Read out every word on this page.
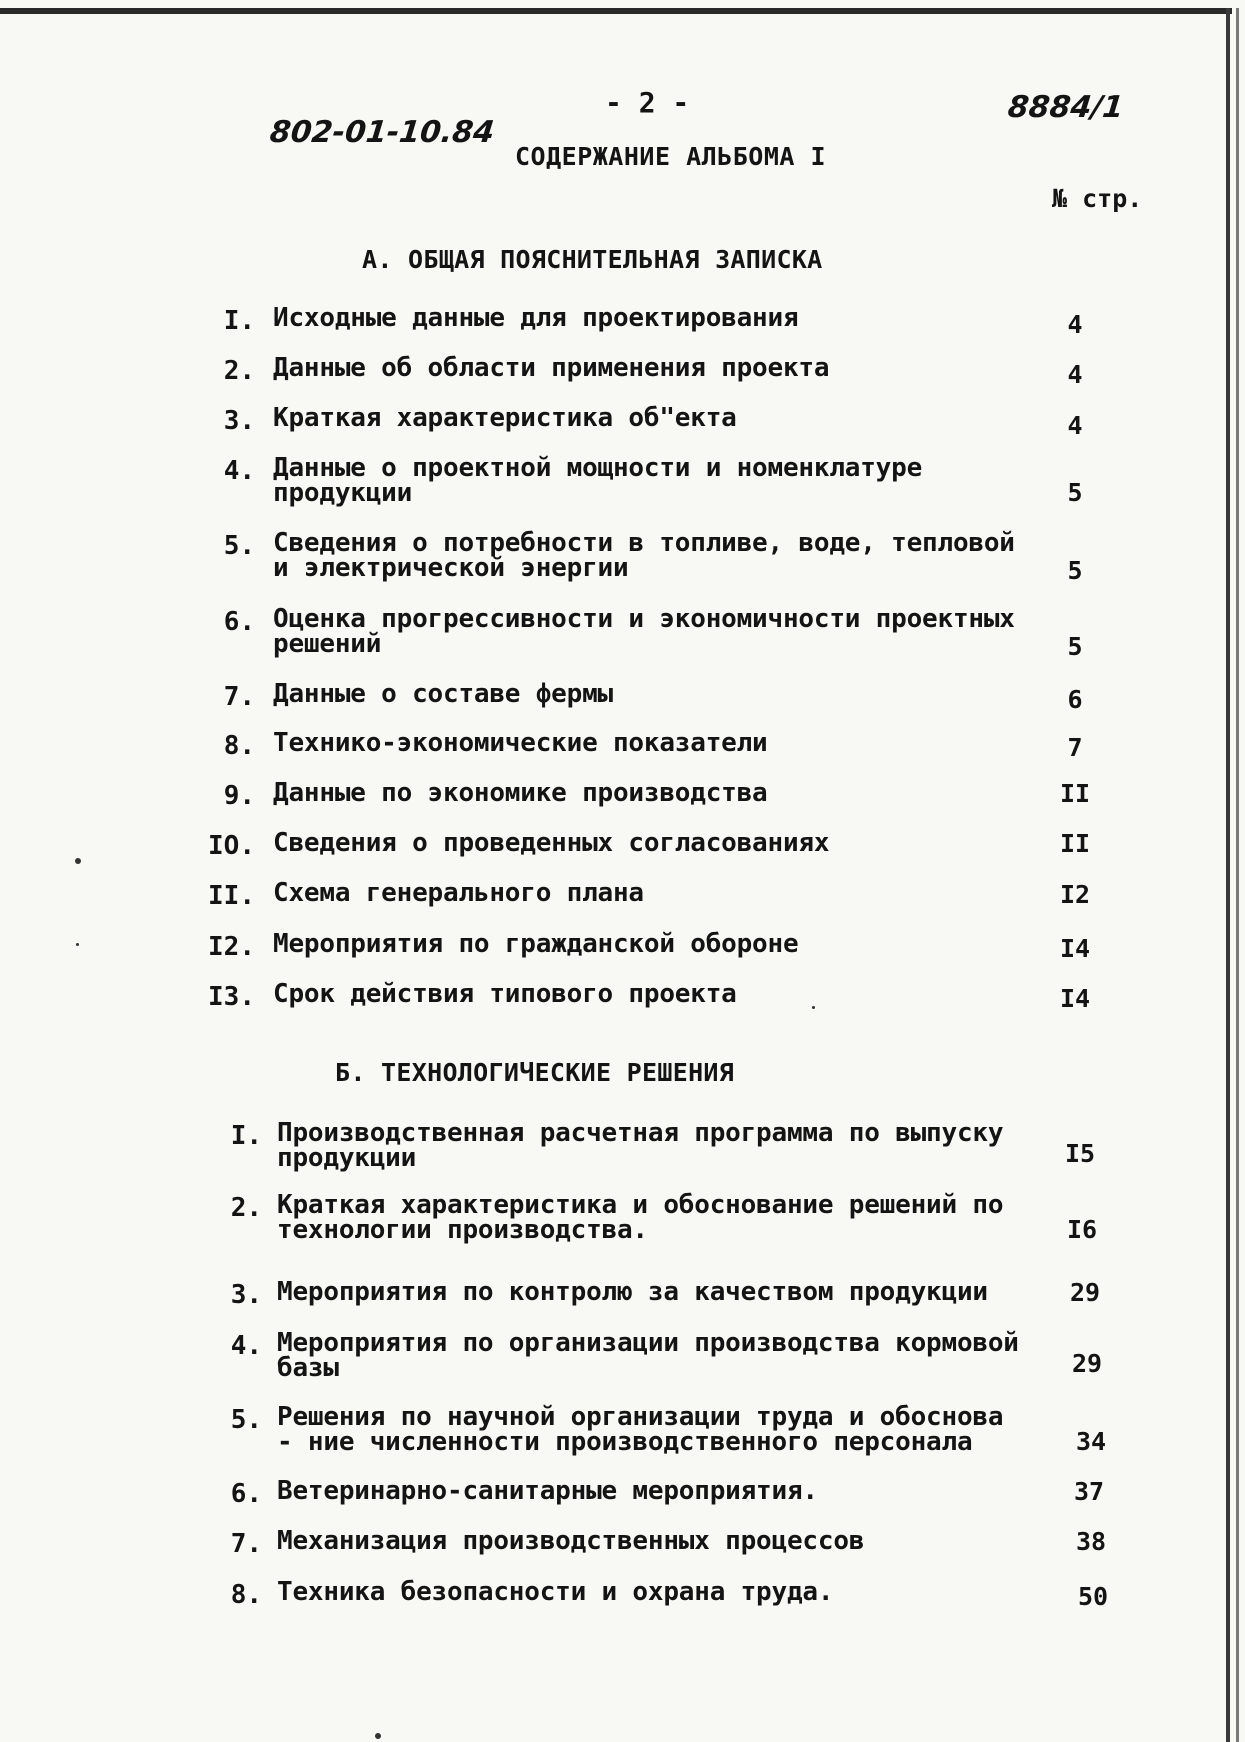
802-01-10.84
- 2 -	8884/1
СОДЕРЖАНИЕ АЛЬБОМА I
№ стр.
А. ОБЩАЯ ПОЯСНИТЕЛЬНАЯ ЗАПИСКА
I. Исходные данные для проектирования	4
2. Данные об области применения проекта	4
3. Краткая характеристика об"екта	4
4. Данные о проектной мощности и номенклатуре продукции	5
5. Сведения о потребности в топливе, воде, тепловой и электрической энергии	5
6. Оценка прогрессивности и экономичности проектных решений	5
7. Данные о составе фермы	6
8. Технико-экономические показатели	7
9. Данные по экономике производства	II
IO. Сведения о проведенных согласованиях	II
II. Схема генерального плана	I2
I2. Мероприятия по гражданской обороне	I4
I3. Срок действия типового проекта	I4
Б. ТЕХНОЛОГИЧЕСКИЕ РЕШЕНИЯ
I. Производственная расчетная программа по выпуску продукции	I5
2. Краткая характеристика и обоснование решений по технологии производства.	I6
3. Мероприятия по контролю за качеством продукции	29
4. Мероприятия по организации производства кормовой базы	29
5. Решения по научной организации труда и обоснова - ние численности производственного персонала	34
6. Ветеринарно-санитарные мероприятия.	37
7. Механизация производственных процессов	38
8. Техника безопасности и охрана труда.	50
